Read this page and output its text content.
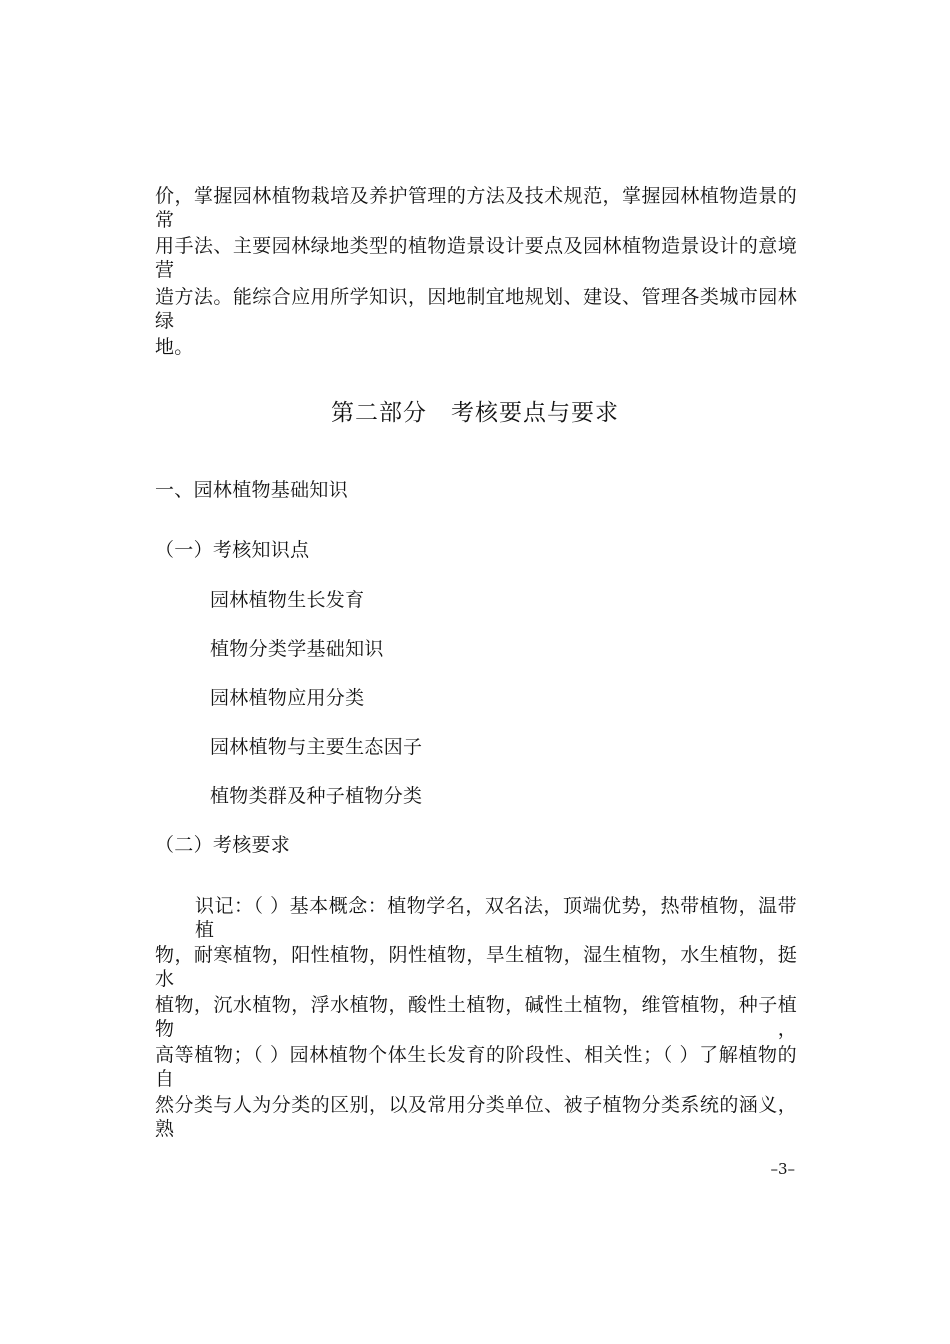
价，掌握园林植物栽培及养护管理的方法及技术规范，掌握园林植物造景的常
用手法、主要园林绿地类型的植物造景设计要点及园林植物造景设计的意境营
造方法。能综合应用所学知识，因地制宜地规划、建设、管理各类城市园林绿
地。
第二部分　考核要点与要求
一、园林植物基础知识
（一）考核知识点
园林植物生长发育
植物分类学基础知识
园林植物应用分类
园林植物与主要生态因子
植物类群及种子植物分类
（二）考核要求
识记：（ ）基本概念：植物学名，双名法，顶端优势，热带植物，温带植
物，耐寒植物，阳性植物，阴性植物，旱生植物，湿生植物，水生植物，挺水
植物，沉水植物，浮水植物，酸性土植物，碱性土植物，维管植物，种子植物，
高等植物；（ ）园林植物个体生长发育的阶段性、相关性；（ ）了解植物的自
然分类与人为分类的区别，以及常用分类单位、被子植物分类系统的涵义，熟
–3–
